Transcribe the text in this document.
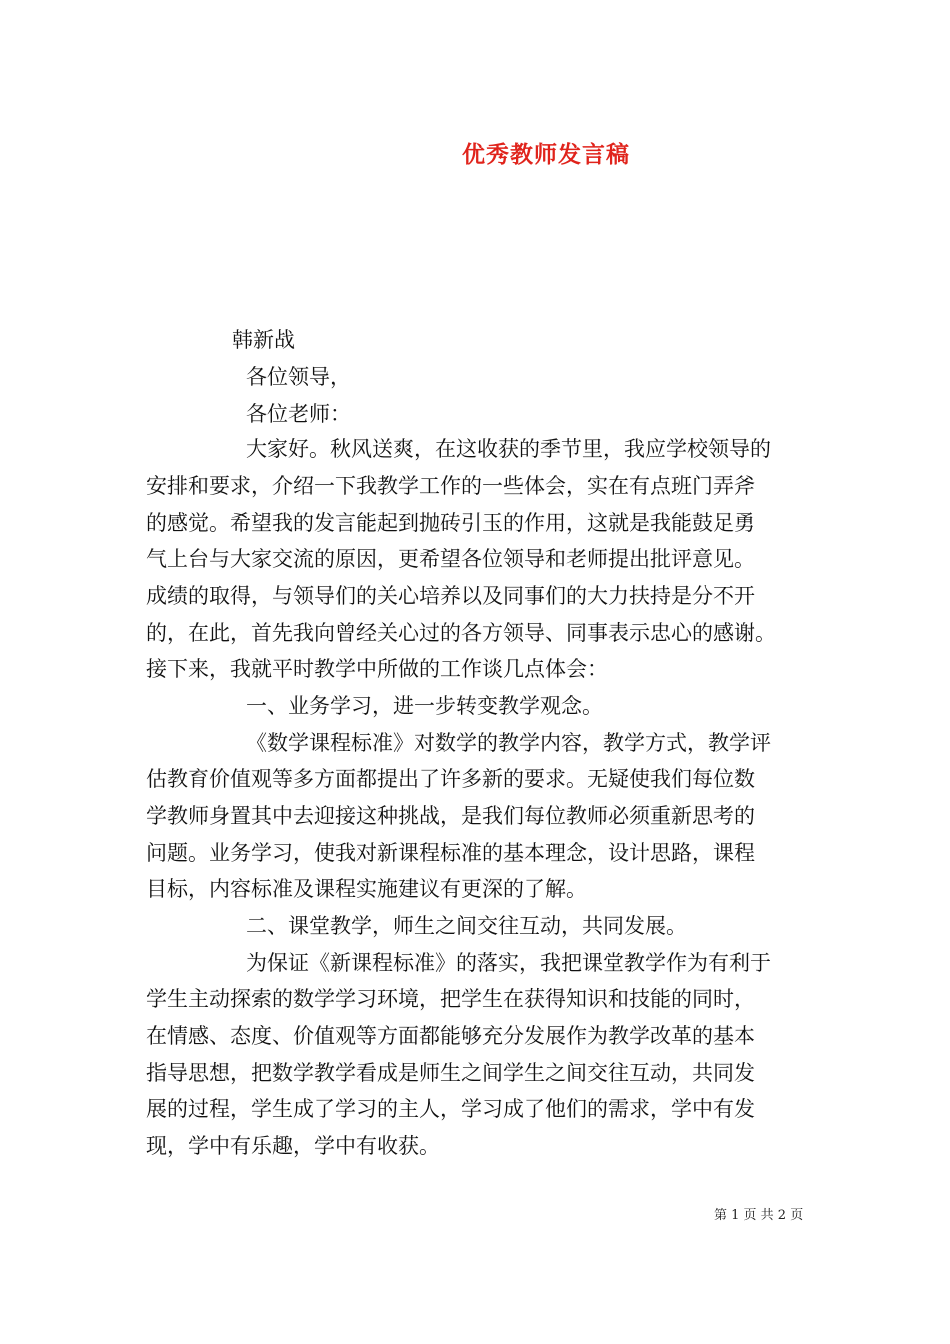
优秀教师发言稿
韩新战
各位领导，
各位老师：
大家好。秋风送爽，在这收获的季节里，我应学校领导的
安排和要求，介绍一下我教学工作的一些体会，实在有点班门弄斧
的感觉。希望我的发言能起到抛砖引玉的作用，这就是我能鼓足勇
气上台与大家交流的原因，更希望各位领导和老师提出批评意见。
成绩的取得，与领导们的关心培养以及同事们的大力扶持是分不开
的，在此，首先我向曾经关心过的各方领导、同事表示忠心的感谢。
接下来，我就平时教学中所做的工作谈几点体会：
一、业务学习，进一步转变教学观念。
《数学课程标准》对数学的教学内容，教学方式，教学评
估教育价值观等多方面都提出了许多新的要求。无疑使我们每位数
学教师身置其中去迎接这种挑战，是我们每位教师必须重新思考的
问题。业务学习，使我对新课程标准的基本理念，设计思路，课程
目标，内容标准及课程实施建议有更深的了解。
二、课堂教学，师生之间交往互动，共同发展。
为保证《新课程标准》的落实，我把课堂教学作为有利于
学生主动探索的数学学习环境，把学生在获得知识和技能的同时，
在情感、态度、价值观等方面都能够充分发展作为教学改革的基本
指导思想，把数学教学看成是师生之间学生之间交往互动，共同发
展的过程，学生成了学习的主人，学习成了他们的需求，学中有发
现，学中有乐趣，学中有收获。
第 1 页 共 2 页
